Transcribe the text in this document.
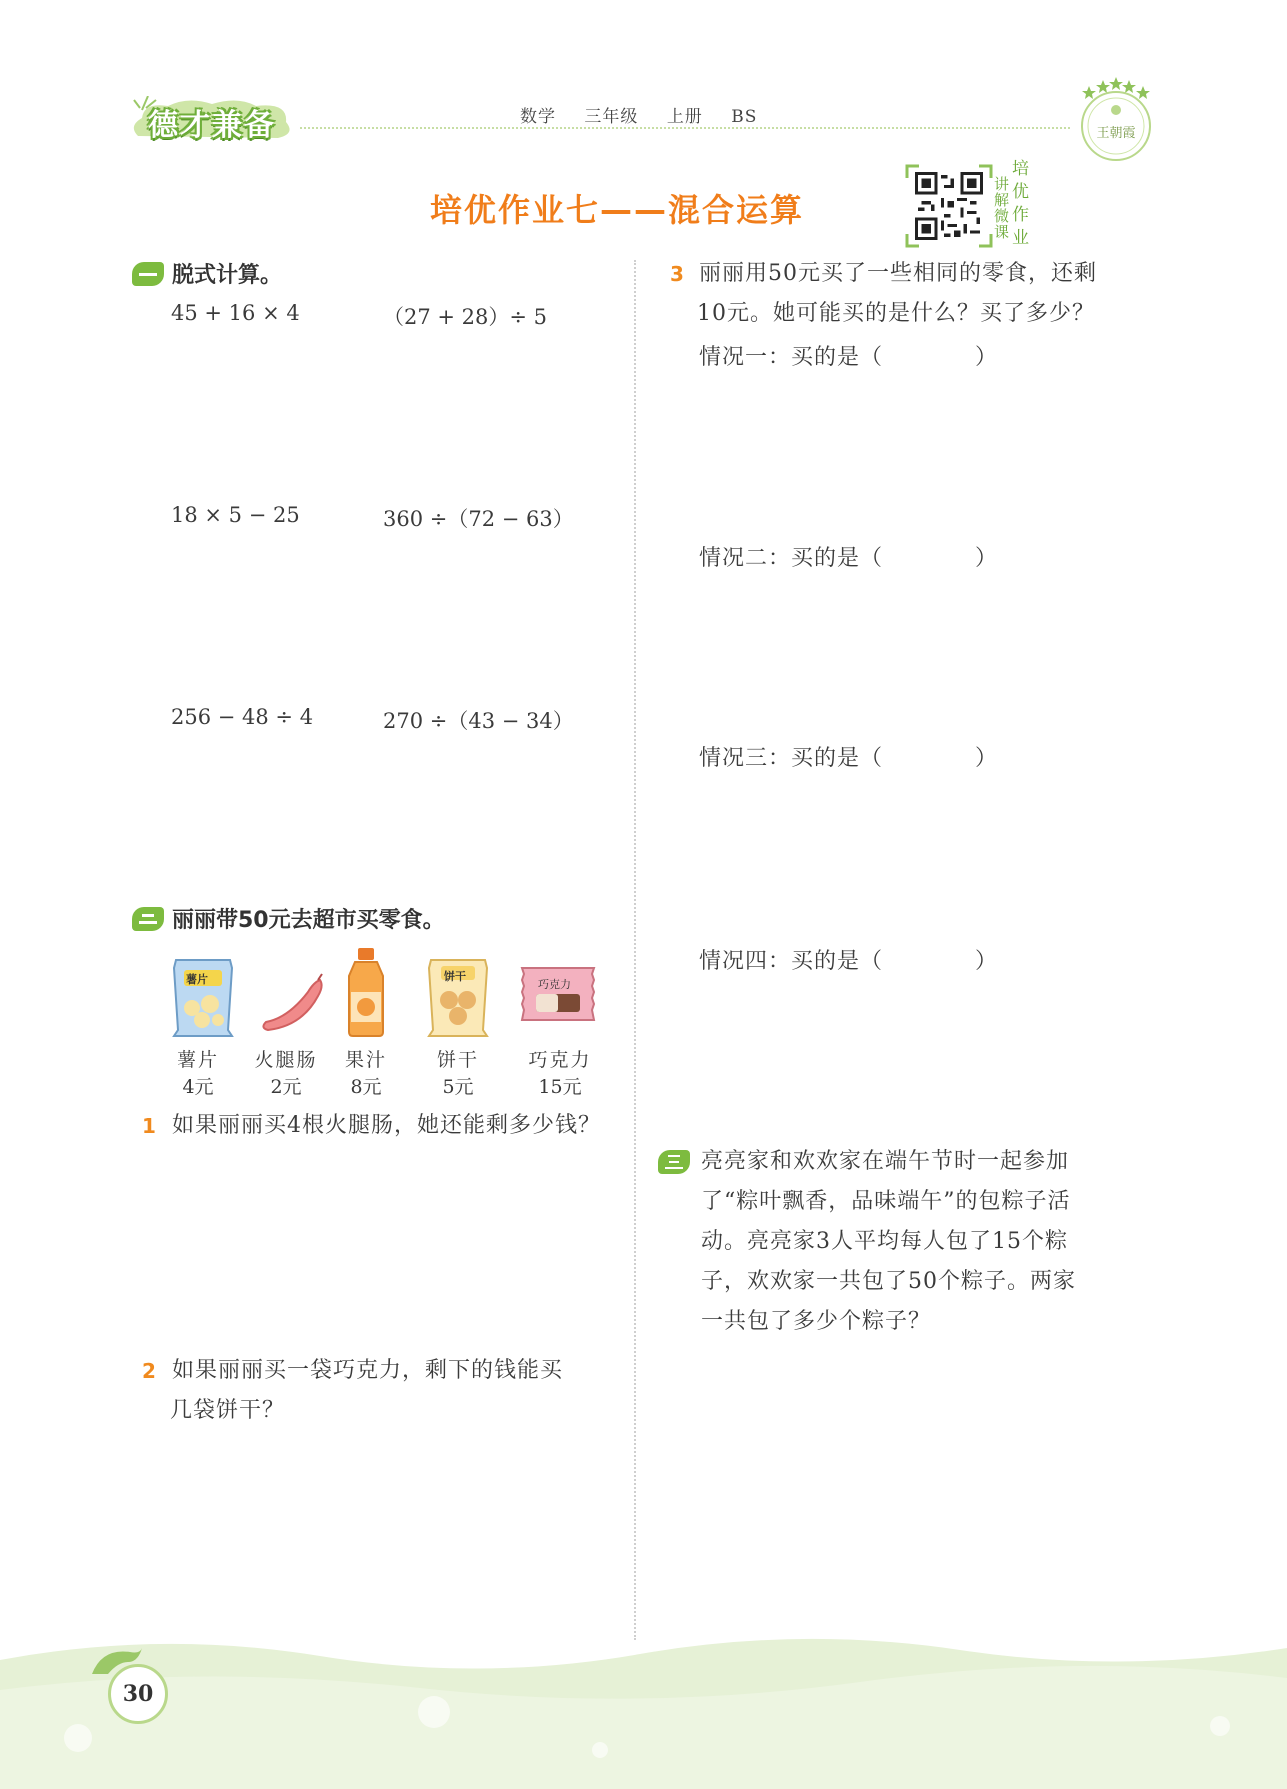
德才兼备	数学 三年级 上册 BS
王朝霞
培优作业七——混合运算
讲解微课
培优作业
脱式计算。
45 + 16 × 4	（27 + 28）÷ 5
18 × 5 − 25	360 ÷（72 − 63）
256 − 48 ÷ 4	270 ÷（43 − 34）
丽丽带50元去超市买零食。
薯片	饼干
巧克力
薯片
4元
火腿肠
2元
果汁
8元
饼干
5元
巧克力
15元
1 如果丽丽买4根火腿肠，她还能剩多少钱？
2 如果丽丽买一袋巧克力，剩下的钱能买
几袋饼干？
3 丽丽用50元买了一些相同的零食，还剩
10元。她可能买的是什么？买了多少？
情况一：买的是（　　　　）
情况二：买的是（　　　　）
情况三：买的是（　　　　）
情况四：买的是（　　　　）
亮亮家和欢欢家在端午节时一起参加
了“粽叶飘香，品味端午”的包粽子活
动。亮亮家3人平均每人包了15个粽
子，欢欢家一共包了50个粽子。两家
一共包了多少个粽子？
30
